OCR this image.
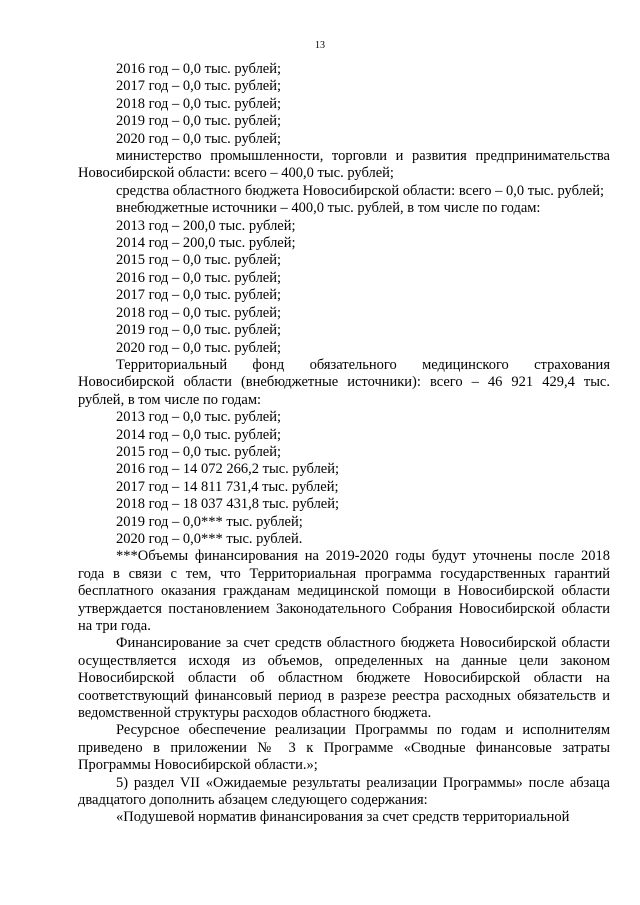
13

2016 год – 0,0 тыс. рублей;

2017 год – 0,0 тыс. рублей;

2018 год – 0,0 тыс. рублей;

2019 год – 0,0 тыс. рублей;

2020 год – 0,0 тыс. рублей;

министерство промышленности, торговли и развития предпринимательства Новосибирской области: всего – 400,0 тыс. рублей;

средства областного бюджета Новосибирской области: всего – 0,0 тыс. рублей;

внебюджетные источники – 400,0 тыс. рублей, в том числе по годам:

2013 год – 200,0 тыс. рублей;

2014 год – 200,0 тыс. рублей;

2015 год – 0,0 тыс. рублей;

2016 год – 0,0 тыс. рублей;

2017 год – 0,0 тыс. рублей;

2018 год – 0,0 тыс. рублей;

2019 год – 0,0 тыс. рублей;

2020 год – 0,0 тыс. рублей;

Территориальный фонд обязательного медицинского страхования Новосибирской области (внебюджетные источники): всего – 46 921 429,4 тыс. рублей, в том числе по годам:

2013 год – 0,0 тыс. рублей;

2014 год – 0,0 тыс. рублей;

2015 год – 0,0 тыс. рублей;

2016 год – 14 072 266,2 тыс. рублей;

2017 год – 14 811 731,4 тыс. рублей;

2018 год – 18 037 431,8 тыс. рублей;

2019 год – 0,0*** тыс. рублей;

2020 год – 0,0*** тыс. рублей.

***Объемы финансирования на 2019-2020 годы будут уточнены после 2018 года в связи с тем, что Территориальная программа государственных гарантий бесплатного оказания гражданам медицинской помощи в Новосибирской области утверждается постановлением Законодательного Собрания Новосибирской области на три года.

Финансирование за счет средств областного бюджета Новосибирской области осуществляется исходя из объемов, определенных на данные цели законом Новосибирской области об областном бюджете Новосибирской области на соответствующий финансовый период в разрезе реестра расходных обязательств и ведомственной структуры расходов областного бюджета.

Ресурсное обеспечение реализации Программы по годам и исполнителям приведено в приложении № 3 к Программе «Сводные финансовые затраты Программы Новосибирской области.»;

5) раздел VII «Ожидаемые результаты реализации Программы» после абзаца двадцатого дополнить абзацем следующего содержания:

«Подушевой норматив финансирования за счет средств территориальной
